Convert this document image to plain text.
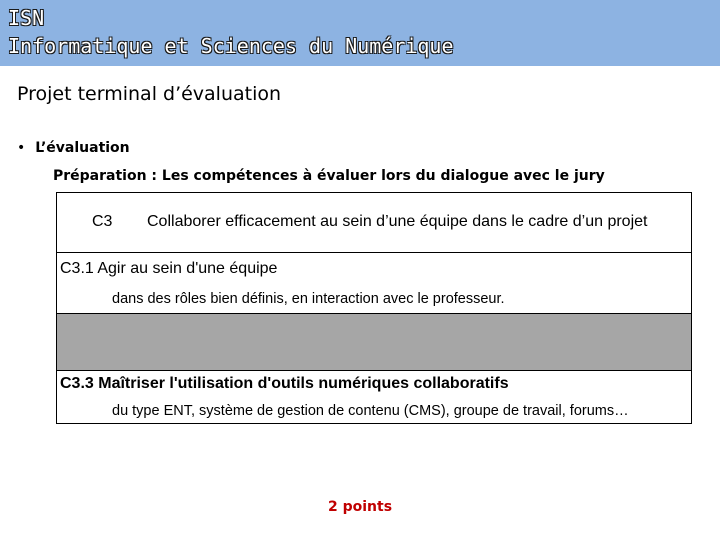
ISN
Informatique et Sciences du Numérique
Projet terminal d’évaluation
• L’évaluation
Préparation : Les compétences à évaluer lors du dialogue avec le jury
C3 Collaborer efficacement au sein d’une équipe dans le cadre d’un projet
C3.1 Agir au sein d'une équipe
dans des rôles bien définis, en interaction avec le professeur.
C3.3 Maîtriser l'utilisation d'outils numériques collaboratifs
du type ENT, système de gestion de contenu (CMS), groupe de travail, forums…
2 points
